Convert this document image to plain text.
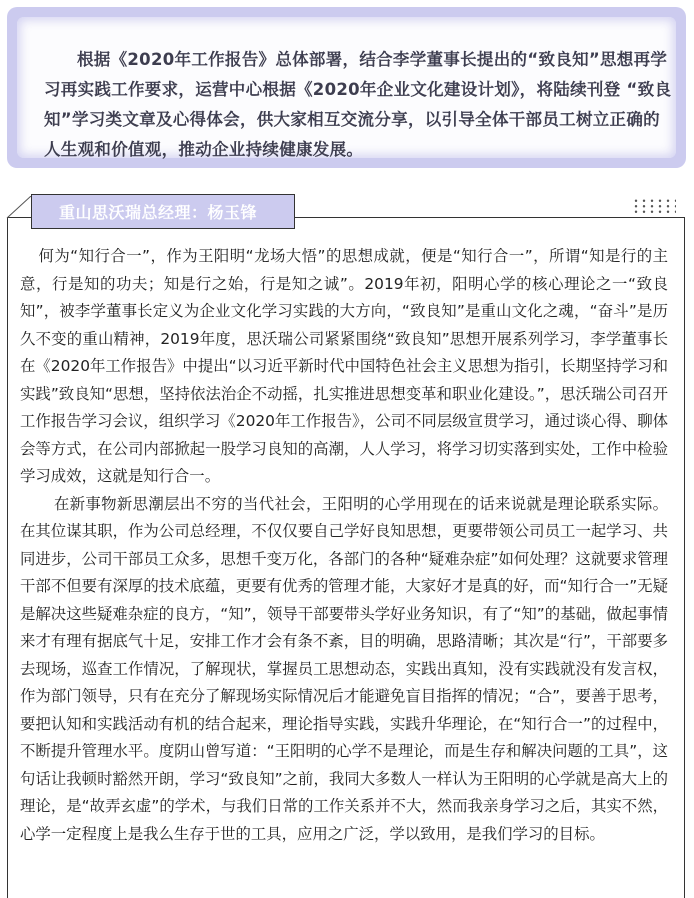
根据《2020年工作报告》总体部署，结合李学董事长提出的“致良知”思想再学习再实践工作要求，运营中心根据《2020年企业文化建设计划》，将陆续刊登 “致良知”学习类文章及心得体会，供大家相互交流分享，以引导全体干部员工树立正确的人生观和价值观，推动企业持续健康发展。

重山思沃瑞总经理：杨玉锋

何为“知行合一”，作为王阳明“龙场大悟”的思想成就，便是“知行合一”，所谓“知是行的主意，行是知的功夫；知是行之始，行是知之诚”。2019年初，阳明心学的核心理论之一“致良知”，被李学董事长定义为企业文化学习实践的大方向，“致良知”是重山文化之魂，“奋斗”是历久不变的重山精神，2019年度，思沃瑞公司紧紧围绕“致良知”思想开展系列学习，李学董事长在《2020年工作报告》中提出“以习近平新时代中国特色社会主义思想为指引，长期坚持学习和实践”致良知“思想，坚持依法治企不动摇，扎实推进思想变革和职业化建设。”，思沃瑞公司召开工作报告学习会议，组织学习《2020年工作报告》，公司不同层级宣贯学习，通过谈心得、聊体会等方式，在公司内部掀起一股学习良知的高潮，人人学习，将学习切实落到实处，工作中检验学习成效，这就是知行合一。

在新事物新思潮层出不穷的当代社会，王阳明的心学用现在的话来说就是理论联系实际。在其位谋其职，作为公司总经理，不仅仅要自己学好良知思想，更要带领公司员工一起学习、共同进步，公司干部员工众多，思想千变万化，各部门的各种“疑难杂症”如何处理？这就要求管理干部不但要有深厚的技术底蕴，更要有优秀的管理才能，大家好才是真的好，而“知行合一”无疑是解决这些疑难杂症的良方，“知”，领导干部要带头学好业务知识，有了“知”的基础，做起事情来才有理有据底气十足，安排工作才会有条不紊，目的明确，思路清晰；其次是“行”，干部要多去现场，巡查工作情况，了解现状，掌握员工思想动态，实践出真知，没有实践就没有发言权，作为部门领导，只有在充分了解现场实际情况后才能避免盲目指挥的情况；“合”，要善于思考，要把认知和实践活动有机的结合起来，理论指导实践，实践升华理论，在“知行合一”的过程中，不断提升管理水平。度阴山曾写道：“王阳明的心学不是理论，而是生存和解决问题的工具”，这句话让我顿时豁然开朗，学习“致良知”之前，我同大多数人一样认为王阳明的心学就是高大上的理论，是“故弄玄虚”的学术，与我们日常的工作关系并不大，然而我亲身学习之后，其实不然，心学一定程度上是我么生存于世的工具，应用之广泛，学以致用，是我们学习的目标。
